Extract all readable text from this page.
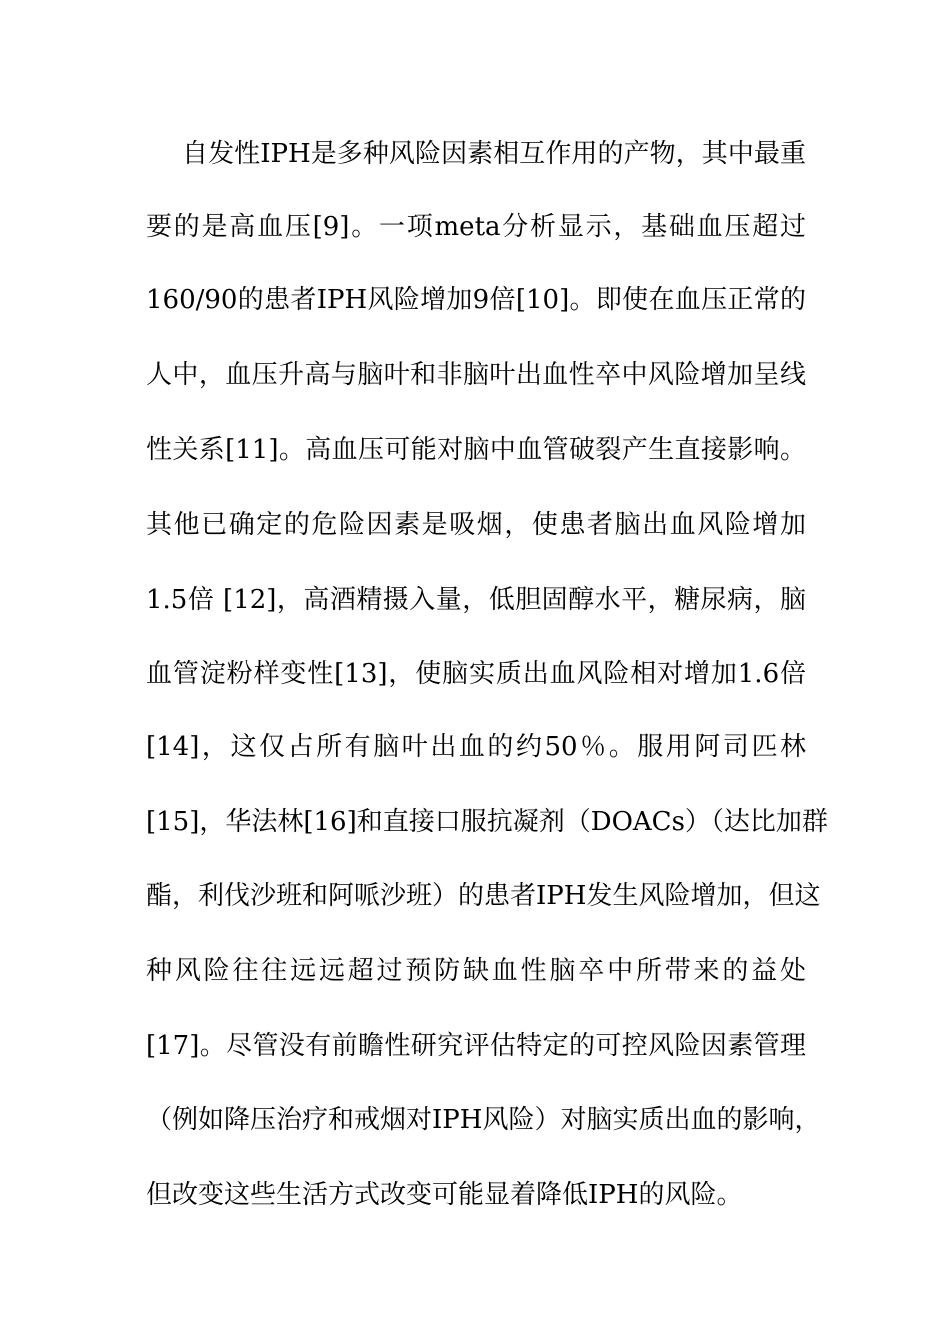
自发性IPH是多种风险因素相互作用的产物，其中最重
要的是高血压[9]。一项meta分析显示，基础血压超过
160/90的患者IPH风险增加9倍[10]。即使在血压正常的
人中，血压升高与脑叶和非脑叶出血性卒中风险增加呈线
性关系[11]。高血压可能对脑中血管破裂产生直接影响。
其他已确定的危险因素是吸烟，使患者脑出血风险增加
1.5倍 [12]，高酒精摄入量，低胆固醇水平，糖尿病，脑
血管淀粉样变性[13]，使脑实质出血风险相对增加1.6倍
[14]，这仅占所有脑叶出血的约50％。服用阿司匹林
[15]，华法林[16]和直接口服抗凝剂（DOACs）（达比加群
酯，利伐沙班和阿哌沙班）的患者IPH发生风险增加，但这
种风险往往远远超过预防缺血性脑卒中所带来的益处
[17]。尽管没有前瞻性研究评估特定的可控风险因素管理
（例如降压治疗和戒烟对IPH风险）对脑实质出血的影响，
但改变这些生活方式改变可能显着降低IPH的风险。
